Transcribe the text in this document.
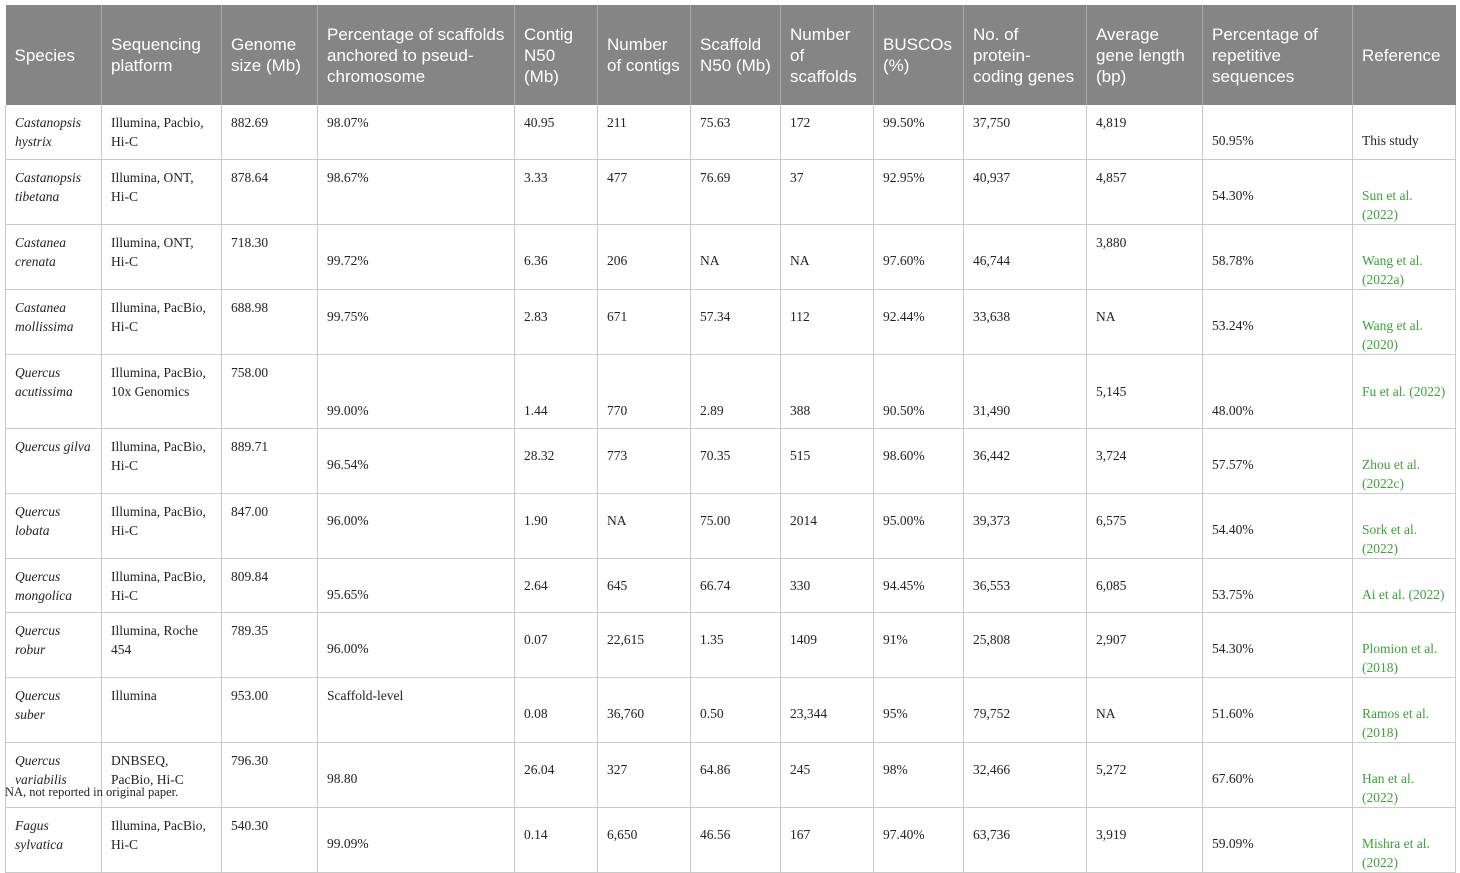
Species	Sequencing platform	Genome size (Mb)	Percentage of scaffolds anchored to pseud-chromosome	Contig N50 (Mb)	Number of contigs	Scaffold N50 (Mb)	Number of scaffolds	BUSCOs (%)	No. of protein-coding genes	Average gene length (bp)	Percentage of repetitive sequences	Reference
Castanopsis hystrix	Illumina, Pacbio, Hi-C	882.69	98.07%	40.95	211	75.63	172	99.50%	37,750	4,819	50.95%	This study
Castanopsis tibetana	Illumina, ONT, Hi-C	878.64	98.67%	3.33	477	76.69	37	92.95%	40,937	4,857	54.30%	Sun et al. (2022)
Castanea crenata	Illumina, ONT, Hi-C	718.30	99.72%	6.36	206	NA	NA	97.60%	46,744	3,880	58.78%	Wang et al. (2022a)
Castanea mollissima	Illumina, PacBio, Hi-C	688.98	99.75%	2.83	671	57.34	112	92.44%	33,638	NA	53.24%	Wang et al. (2020)
Quercus acutissima	Illumina, PacBio, 10x Genomics	758.00	99.00%	1.44	770	2.89	388	90.50%	31,490	5,145	48.00%	Fu et al. (2022)
Quercus gilva	Illumina, PacBio, Hi-C	889.71	96.54%	28.32	773	70.35	515	98.60%	36,442	3,724	57.57%	Zhou et al. (2022c)
Quercus lobata	Illumina, PacBio, Hi-C	847.00	96.00%	1.90	NA	75.00	2014	95.00%	39,373	6,575	54.40%	Sork et al. (2022)
Quercus mongolica	Illumina, PacBio, Hi-C	809.84	95.65%	2.64	645	66.74	330	94.45%	36,553	6,085	53.75%	Ai et al. (2022)
Quercus robur	Illumina, Roche 454	789.35	96.00%	0.07	22,615	1.35	1409	91%	25,808	2,907	54.30%	Plomion et al. (2018)
Quercus suber	Illumina	953.00	Scaffold-level	0.08	36,760	0.50	23,344	95%	79,752	NA	51.60%	Ramos et al. (2018)
Quercus variabilis	DNBSEQ, PacBio, Hi-C	796.30	98.80	26.04	327	64.86	245	98%	32,466	5,272	67.60%	Han et al. (2022)
Fagus sylvatica	Illumina, PacBio, Hi-C	540.30	99.09%	0.14	6,650	46.56	167	97.40%	63,736	3,919	59.09%	Mishra et al. (2022)
NA, not reported in original paper.
